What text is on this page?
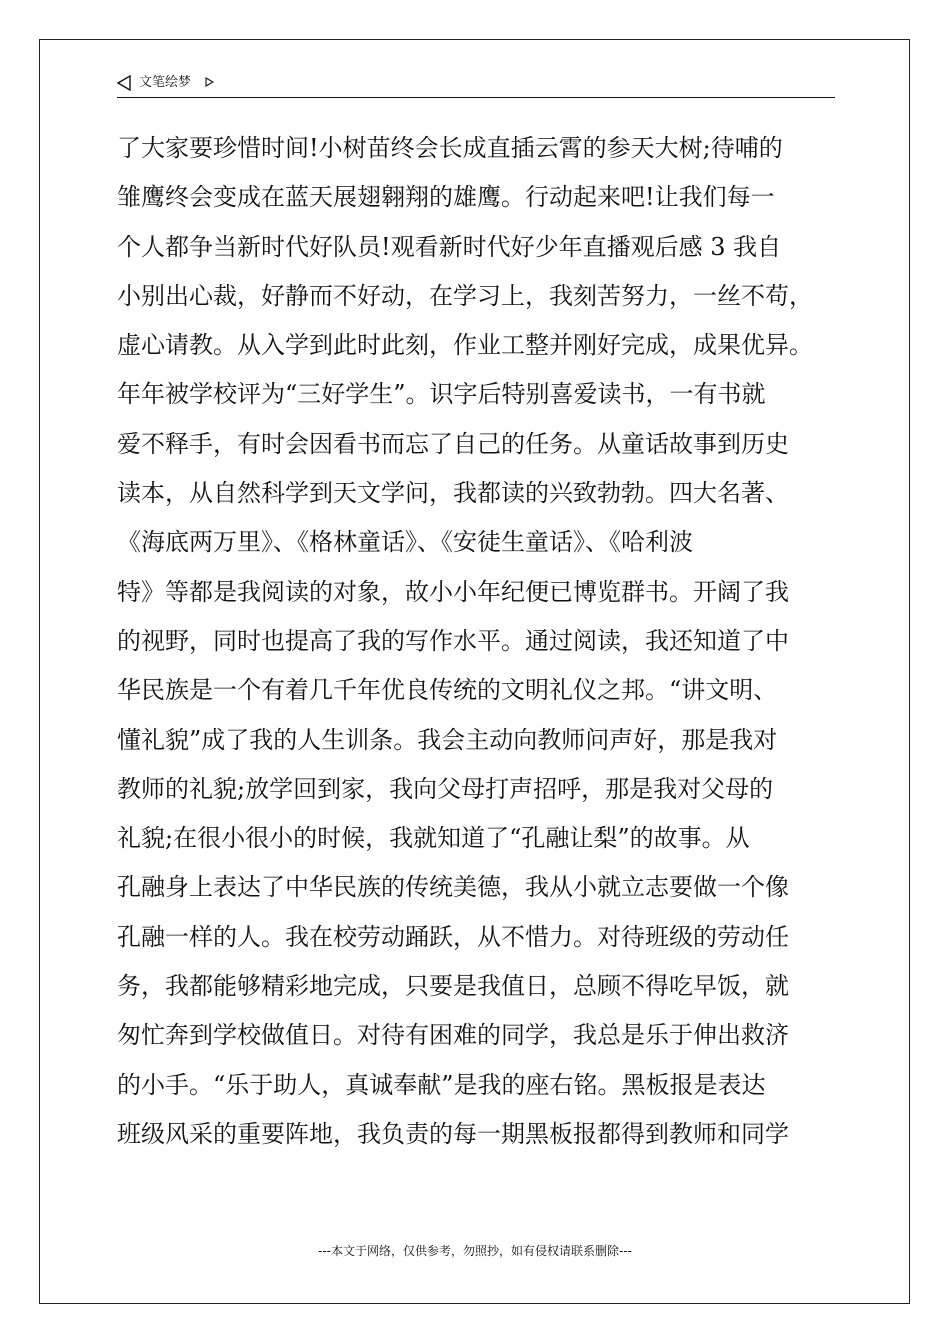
文笔绘梦
了大家要珍惜时间!小树苗终会长成直插云霄的参天大树;待哺的
雏鹰终会变成在蓝天展翅翱翔的雄鹰。行动起来吧!让我们每一
个人都争当新时代好队员!观看新时代好少年直播观后感 3 我自
小别出心裁，好静而不好动，在学习上，我刻苦努力，一丝不苟，
虚心请教。从入学到此时此刻，作业工整并刚好完成，成果优异。
年年被学校评为“三好学生”。识字后特别喜爱读书，一有书就
爱不释手，有时会因看书而忘了自己的任务。从童话故事到历史
读本，从自然科学到天文学问，我都读的兴致勃勃。四大名著、
《海底两万里》、《格林童话》、《安徒生童话》、《哈利波
特》等都是我阅读的对象，故小小年纪便已博览群书。开阔了我
的视野，同时也提高了我的写作水平。通过阅读，我还知道了中
华民族是一个有着几千年优良传统的文明礼仪之邦。“讲文明、
懂礼貌”成了我的人生训条。我会主动向教师问声好，那是我对
教师的礼貌;放学回到家，我向父母打声招呼，那是我对父母的
礼貌;在很小很小的时候，我就知道了“孔融让梨”的故事。从
孔融身上表达了中华民族的传统美德，我从小就立志要做一个像
孔融一样的人。我在校劳动踊跃，从不惜力。对待班级的劳动任
务，我都能够精彩地完成，只要是我值日，总顾不得吃早饭，就
匆忙奔到学校做值日。对待有困难的同学，我总是乐于伸出救济
的小手。“乐于助人，真诚奉献”是我的座右铭。黑板报是表达
班级风采的重要阵地，我负责的每一期黑板报都得到教师和同学
---本文于网络，仅供参考，勿照抄，如有侵权请联系删除---
